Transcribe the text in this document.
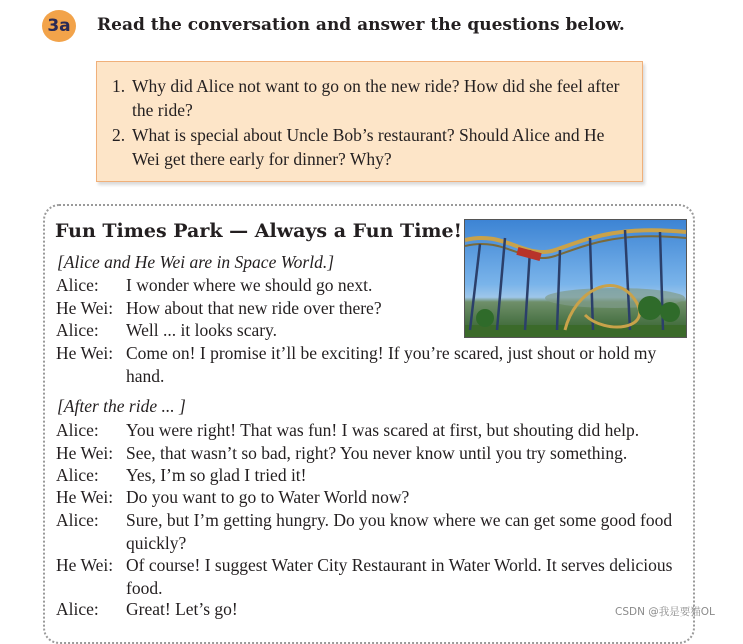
3a	Read the conversation and answer the questions below.
1. Why did Alice not want to go on the new ride? How did she feel after the ride?
2. What is special about Uncle Bob’s restaurant? Should Alice and He Wei get there early for dinner? Why?
Fun Times Park — Always a Fun Time!
[Alice and He Wei are in Space World.]
Alice: I wonder where we should go next.
He Wei: How about that new ride over there?
Alice: Well ... it looks scary.
He Wei: Come on! I promise it’ll be exciting! If you’re scared, just shout or hold my hand.
[After the ride ... ]
Alice: You were right! That was fun! I was scared at first, but shouting did help.
He Wei: See, that wasn’t so bad, right? You never know until you try something.
Alice: Yes, I’m so glad I tried it!
He Wei: Do you want to go to Water World now?
Alice: Sure, but I’m getting hungry. Do you know where we can get some good food quickly?
He Wei: Of course! I suggest Water City Restaurant in Water World. It serves delicious food.
Alice: Great! Let’s go!	CSDN @我是要猫OL
